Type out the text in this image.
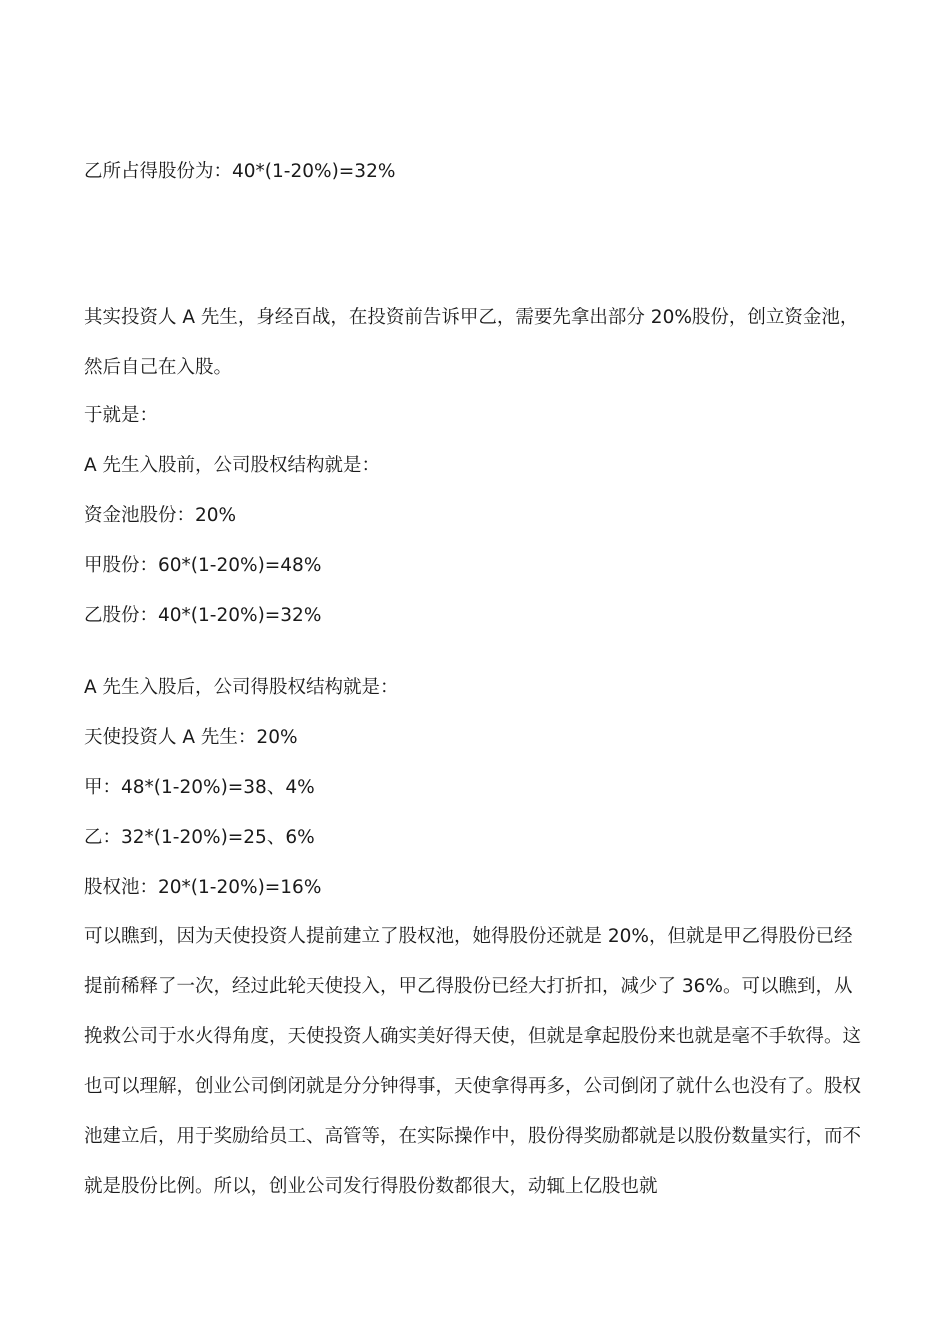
乙所占得股份为：40*(1-20%)=32%

其实投资人 A 先生，身经百战，在投资前告诉甲乙，需要先拿出部分 20%股份，创立资金池，然后自己在入股。

于就是：

A 先生入股前，公司股权结构就是：

资金池股份：20%

甲股份：60*(1-20%)=48%

乙股份：40*(1-20%)=32%

A 先生入股后，公司得股权结构就是：

天使投资人 A 先生：20%

甲：48*(1-20%)=38、4%

乙：32*(1-20%)=25、6%

股权池：20*(1-20%)=16%

可以瞧到，因为天使投资人提前建立了股权池，她得股份还就是 20%，但就是甲乙得股份已经提前稀释了一次，经过此轮天使投入，甲乙得股份已经大打折扣，减少了 36%。可以瞧到，从挽救公司于水火得角度，天使投资人确实美好得天使，但就是拿起股份来也就是毫不手软得。这也可以理解，创业公司倒闭就是分分钟得事，天使拿得再多，公司倒闭了就什么也没有了。股权池建立后，用于奖励给员工、高管等，在实际操作中，股份得奖励都就是以股份数量实行，而不就是股份比例。所以，创业公司发行得股份数都很大，动辄上亿股也就
